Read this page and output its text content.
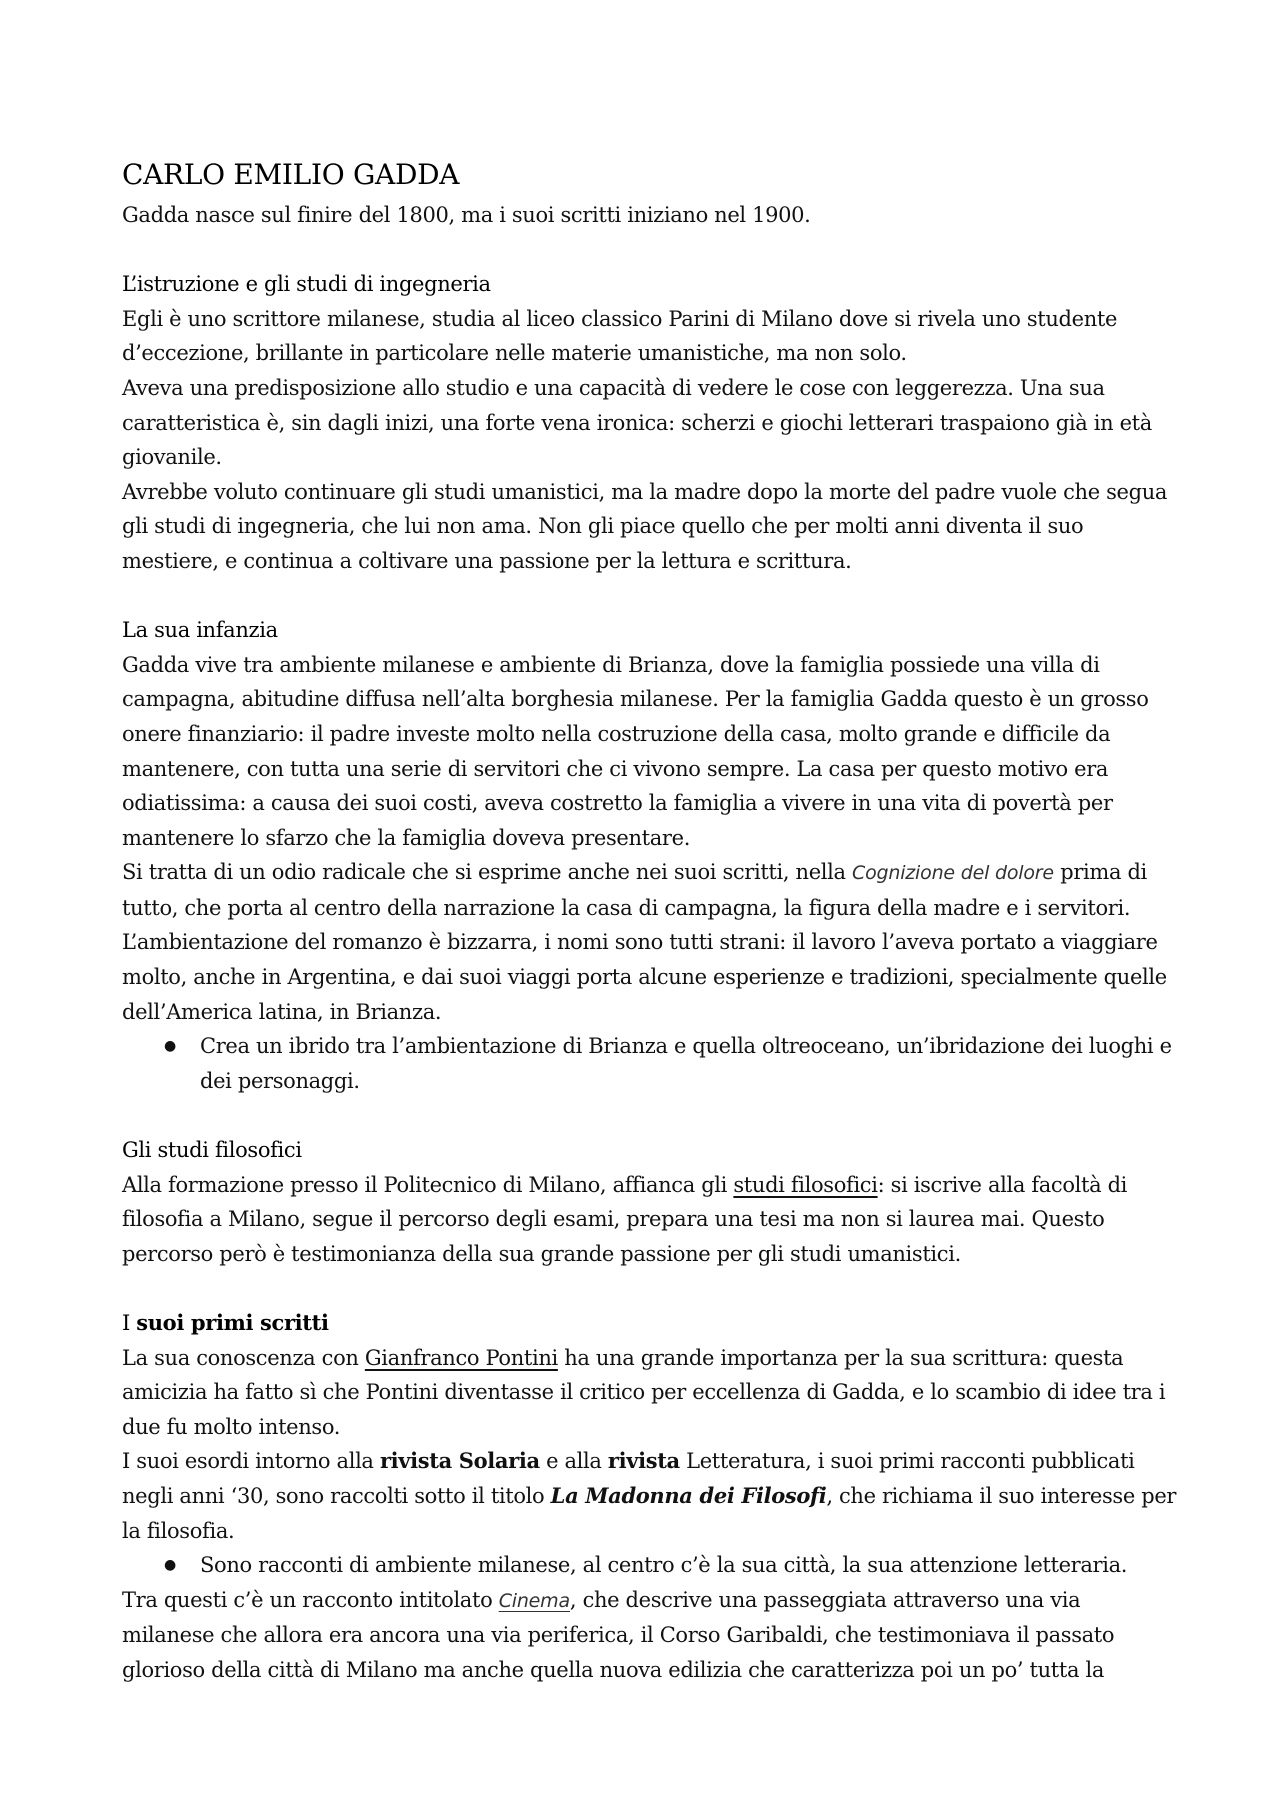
CARLO EMILIO GADDA

Gadda nasce sul finire del 1800, ma i suoi scritti iniziano nel 1900.

L’istruzione e gli studi di ingegneria

Egli è uno scrittore milanese, studia al liceo classico Parini di Milano dove si rivela uno studente d’eccezione, brillante in particolare nelle materie umanistiche, ma non solo.

Aveva una predisposizione allo studio e una capacità di vedere le cose con leggerezza. Una sua caratteristica è, sin dagli inizi, una forte vena ironica: scherzi e giochi letterari traspaiono già in età giovanile.

Avrebbe voluto continuare gli studi umanistici, ma la madre dopo la morte del padre vuole che segua gli studi di ingegneria, che lui non ama. Non gli piace quello che per molti anni diventa il suo mestiere, e continua a coltivare una passione per la lettura e scrittura.

La sua infanzia

Gadda vive tra ambiente milanese e ambiente di Brianza, dove la famiglia possiede una villa di campagna, abitudine diffusa nell’alta borghesia milanese. Per la famiglia Gadda questo è un grosso onere finanziario: il padre investe molto nella costruzione della casa, molto grande e difficile da mantenere, con tutta una serie di servitori che ci vivono sempre. La casa per questo motivo era odiatissima: a causa dei suoi costi, aveva costretto la famiglia a vivere in una vita di povertà per mantenere lo sfarzo che la famiglia doveva presentare.

Si tratta di un odio radicale che si esprime anche nei suoi scritti, nella Cognizione del dolore prima di tutto, che porta al centro della narrazione la casa di campagna, la figura della madre e i servitori. L’ambientazione del romanzo è bizzarra, i nomi sono tutti strani: il lavoro l’aveva portato a viaggiare molto, anche in Argentina, e dai suoi viaggi porta alcune esperienze e tradizioni, specialmente quelle dell’America latina, in Brianza.

● Crea un ibrido tra l’ambientazione di Brianza e quella oltreoceano, un’ibridazione dei luoghi e dei personaggi.
Gli studi filosofici

Alla formazione presso il Politecnico di Milano, affianca gli studi filosofici: si iscrive alla facoltà di filosofia a Milano, segue il percorso degli esami, prepara una tesi ma non si laurea mai. Questo percorso però è testimonianza della sua grande passione per gli studi umanistici.

I suoi primi scritti

La sua conoscenza con Gianfranco Pontini ha una grande importanza per la sua scrittura: questa amicizia ha fatto sì che Pontini diventasse il critico per eccellenza di Gadda, e lo scambio di idee tra i due fu molto intenso.

I suoi esordi intorno alla rivista Solaria e alla rivista Letteratura, i suoi primi racconti pubblicati negli anni ‘30, sono raccolti sotto il titolo La Madonna dei Filosofi, che richiama il suo interesse per la filosofia.

● Sono racconti di ambiente milanese, al centro c’è la sua città, la sua attenzione letteraria.

Tra questi c’è un racconto intitolato Cinema, che descrive una passeggiata attraverso una via milanese che allora era ancora una via periferica, il Corso Garibaldi, che testimoniava il passato glorioso della città di Milano ma anche quella nuova edilizia che caratterizza poi un po’ tutta la
